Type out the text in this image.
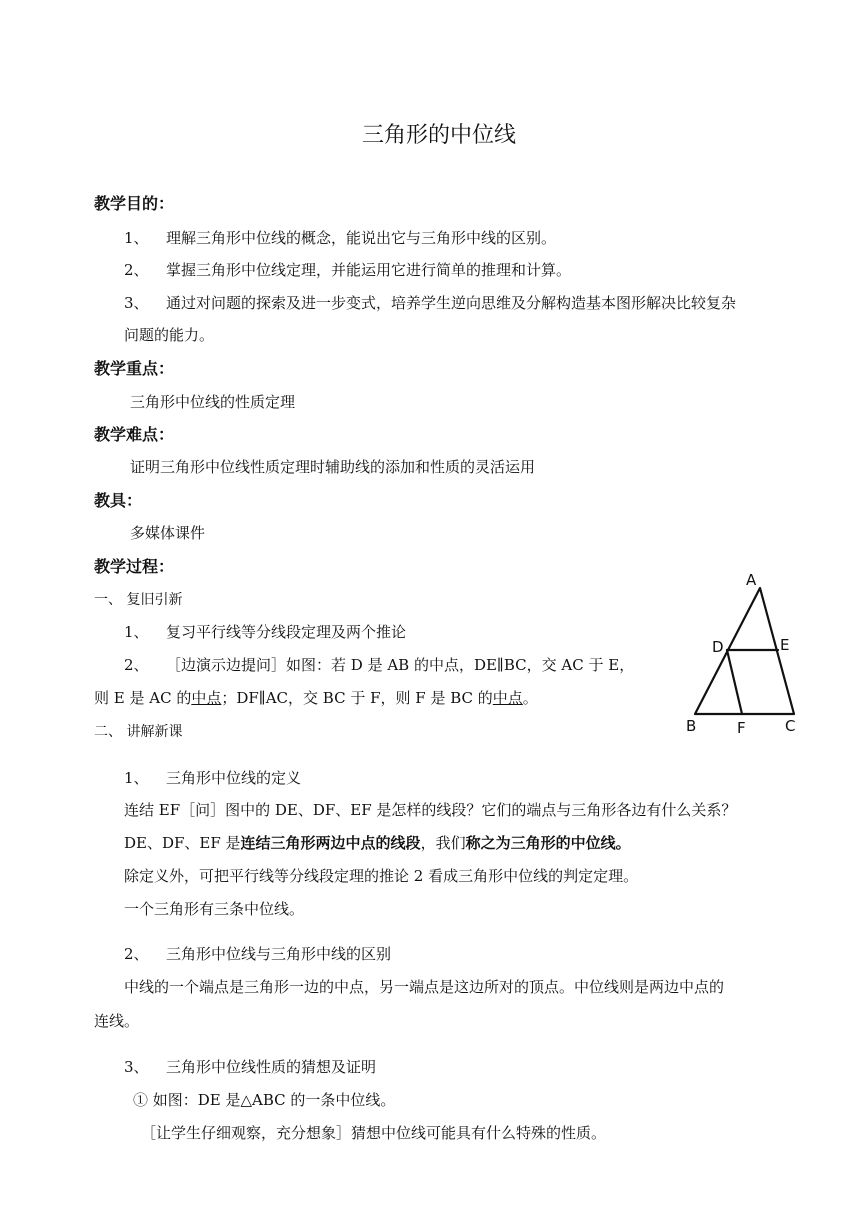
三角形的中位线
教学目的：
1、 理解三角形中位线的概念，能说出它与三角形中线的区别。
2、 掌握三角形中位线定理，并能运用它进行简单的推理和计算。
3、 通过对问题的探索及进一步变式，培养学生逆向思维及分解构造基本图形解决比较复杂
问题的能力。
教学重点：
三角形中位线的性质定理
教学难点：
证明三角形中位线性质定理时辅助线的添加和性质的灵活运用
教具：
多媒体课件
教学过程：
一、 复旧引新
1、 复习平行线等分线段定理及两个推论
2、 ［边演示边提问］如图：若 D 是 AB 的中点，DE∥BC，交 AC 于 E，
则 E 是 AC 的中点；DF∥AC，交 BC 于 F，则 F 是 BC 的中点。
二、 讲解新课
1、 三角形中位线的定义
连结 EF［问］图中的 DE、DF、EF 是怎样的线段？它们的端点与三角形各边有什么关系？
DE、DF、EF 是连结三角形两边中点的线段，我们称之为三角形的中位线。
除定义外，可把平行线等分线段定理的推论 2 看成三角形中位线的判定定理。
一个三角形有三条中位线。
2、 三角形中位线与三角形中线的区别
中线的一个端点是三角形一边的中点，另一端点是这边所对的顶点。中位线则是两边中点的
连线。
3、 三角形中位线性质的猜想及证明
① 如图：DE 是△ABC 的一条中位线。
［让学生仔细观察，充分想象］猜想中位线可能具有什么特殊的性质。
A
D	E
B	F	C
